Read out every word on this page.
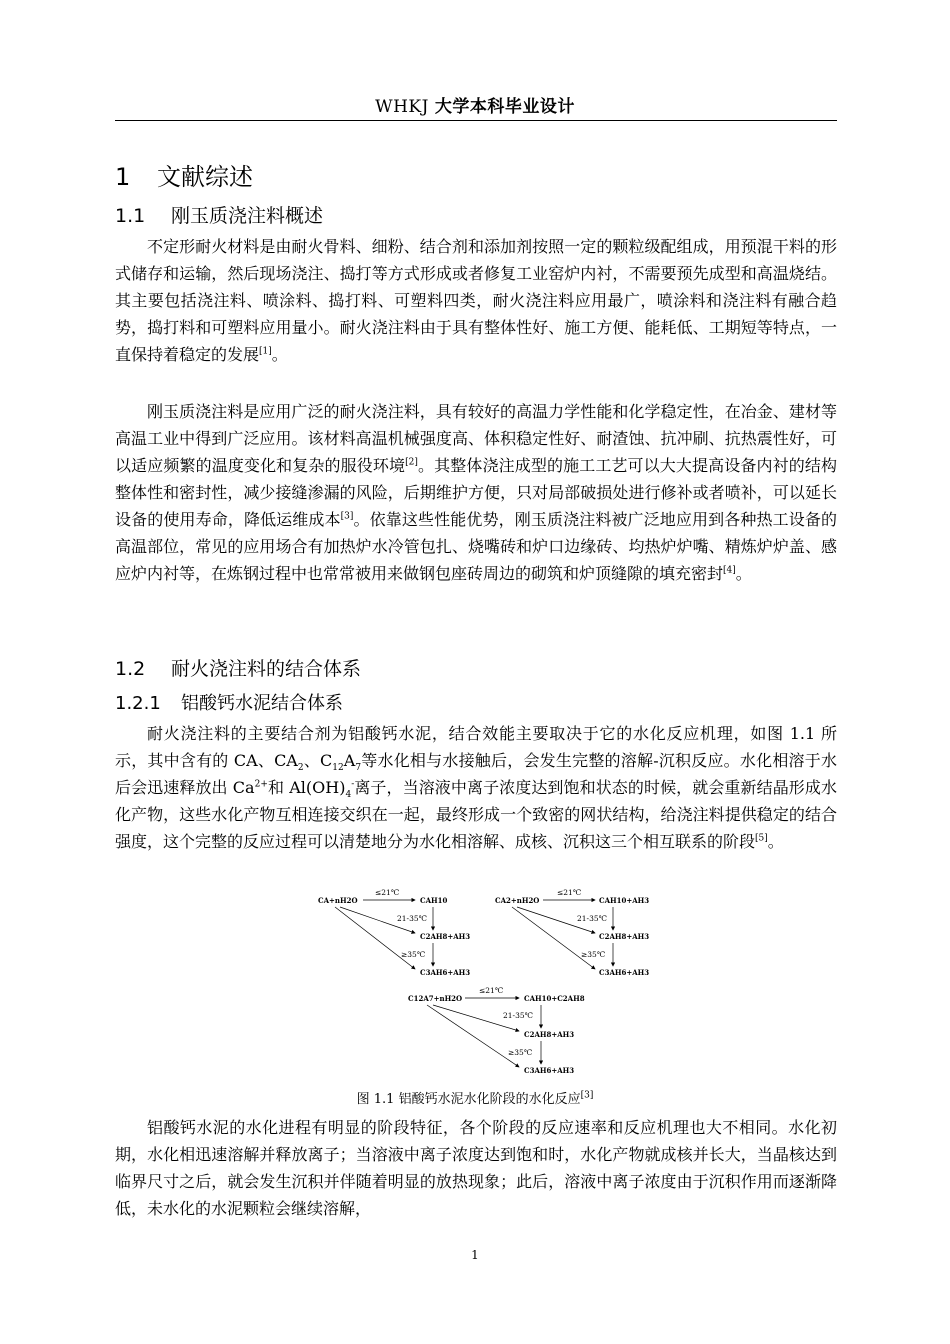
WHKJ 大学本科毕业设计
1 文献综述
1.1 刚玉质浇注料概述
不定形耐火材料是由耐火骨料、细粉、结合剂和添加剂按照一定的颗粒级配组成，用预混干料的形式储存和运输，然后现场浇注、捣打等方式形成或者修复工业窑炉内衬，不需要预先成型和高温烧结。其主要包括浇注料、喷涂料、捣打料、可塑料四类，耐火浇注料应用最广，喷涂料和浇注料有融合趋势，捣打料和可塑料应用量小。耐火浇注料由于具有整体性好、施工方便、能耗低、工期短等特点，一直保持着稳定的发展[1]。
刚玉质浇注料是应用广泛的耐火浇注料，具有较好的高温力学性能和化学稳定性，在冶金、建材等高温工业中得到广泛应用。该材料高温机械强度高、体积稳定性好、耐渣蚀、抗冲刷、抗热震性好，可以适应频繁的温度变化和复杂的服役环境[2]。其整体浇注成型的施工工艺可以大大提高设备内衬的结构整体性和密封性，减少接缝渗漏的风险，后期维护方便，只对局部破损处进行修补或者喷补，可以延长设备的使用寿命，降低运维成本[3]。依靠这些性能优势，刚玉质浇注料被广泛地应用到各种热工设备的高温部位，常见的应用场合有加热炉水冷管包扎、烧嘴砖和炉口边缘砖、均热炉炉嘴、精炼炉炉盖、感应炉内衬等，在炼钢过程中也常常被用来做钢包座砖周边的砌筑和炉顶缝隙的填充密封[4]。
1.2 耐火浇注料的结合体系
1.2.1 铝酸钙水泥结合体系
耐火浇注料的主要结合剂为铝酸钙水泥，结合效能主要取决于它的水化反应机理，如图 1.1 所示，其中含有的 CA、$CA_2$、$C_{12}A_7$等水化相与水接触后，会发生完整的溶解-沉积反应。水化相溶于水后会迅速释放出 $Ca^{2+}$和 $Al(OH)_4^-$离子，当溶液中离子浓度达到饱和状态的时候，就会重新结晶形成水化产物，这些水化产物互相连接交织在一起，最终形成一个致密的网状结构，给浇注料提供稳定的结合强度，这个完整的反应过程可以清楚地分为水化相溶解、成核、沉积这三个相互联系的阶段[5]。
CA+nH2O
≤21℃
CAH10
21-35℃
C2AH8+AH3
≥35℃
C3AH6+AH3
CA2+nH2O
≤21℃
CAH10+AH3
21-35℃
C2AH8+AH3
≥35℃
C3AH6+AH3
C12A7+nH2O
≤21℃
CAH10+C2AH8
21-35℃
C2AH8+AH3
≥35℃
C3AH6+AH3
图 1.1 铝酸钙水泥水化阶段的水化反应[3]
铝酸钙水泥的水化进程有明显的阶段特征，各个阶段的反应速率和反应机理也大不相同。水化初期，水化相迅速溶解并释放离子；当溶液中离子浓度达到饱和时，水化产物就成核并长大，当晶核达到临界尺寸之后，就会发生沉积并伴随着明显的放热现象；此后，溶液中离子浓度由于沉积作用而逐渐降低，未水化的水泥颗粒会继续溶解，
1
